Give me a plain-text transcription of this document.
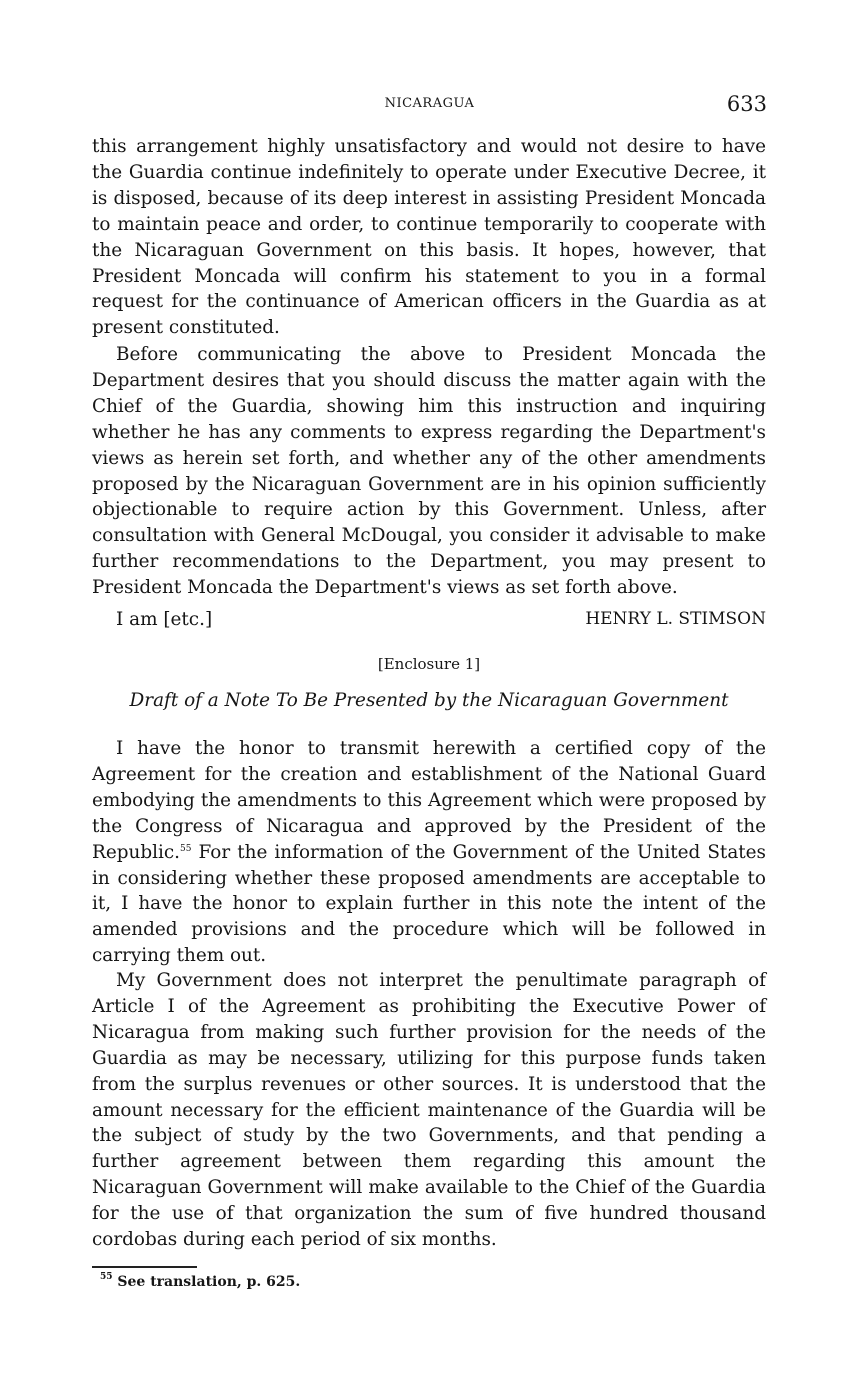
NICARAGUA	633

this arrangement highly unsatisfactory and would not desire to have the Guardia continue indefinitely to operate under Executive Decree, it is disposed, because of its deep interest in assisting President Moncada to maintain peace and order, to continue temporarily to cooperate with the Nicaraguan Government on this basis. It hopes, however, that President Moncada will confirm his statement to you in a formal request for the continuance of American officers in the Guardia as at present constituted.

Before communicating the above to President Moncada the Department desires that you should discuss the matter again with the Chief of the Guardia, showing him this instruction and inquiring whether he has any comments to express regarding the Department's views as herein set forth, and whether any of the other amendments proposed by the Nicaraguan Government are in his opinion sufficiently objectionable to require action by this Government. Unless, after consultation with General McDougal, you consider it advisable to make further recommendations to the Department, you may present to President Moncada the Department's views as set forth above.

I am [etc.]	HENRY L. STIMSON
[Enclosure 1]
Draft of a Note To Be Presented by the Nicaraguan Government

I have the honor to transmit herewith a certified copy of the Agreement for the creation and establishment of the National Guard embodying the amendments to this Agreement which were proposed by the Congress of Nicaragua and approved by the President of the Republic.$^{55}$ For the information of the Government of the United States in considering whether these proposed amendments are acceptable to it, I have the honor to explain further in this note the intent of the amended provisions and the procedure which will be followed in carrying them out.

My Government does not interpret the penultimate paragraph of Article I of the Agreement as prohibiting the Executive Power of Nicaragua from making such further provision for the needs of the Guardia as may be necessary, utilizing for this purpose funds taken from the surplus revenues or other sources. It is understood that the amount necessary for the efficient maintenance of the Guardia will be the subject of study by the two Governments, and that pending a further agreement between them regarding this amount the Nicaraguan Government will make available to the Chief of the Guardia for the use of that organization the sum of five hundred thousand cordobas during each period of six months.

$^{55}$ See translation, p. 625.
